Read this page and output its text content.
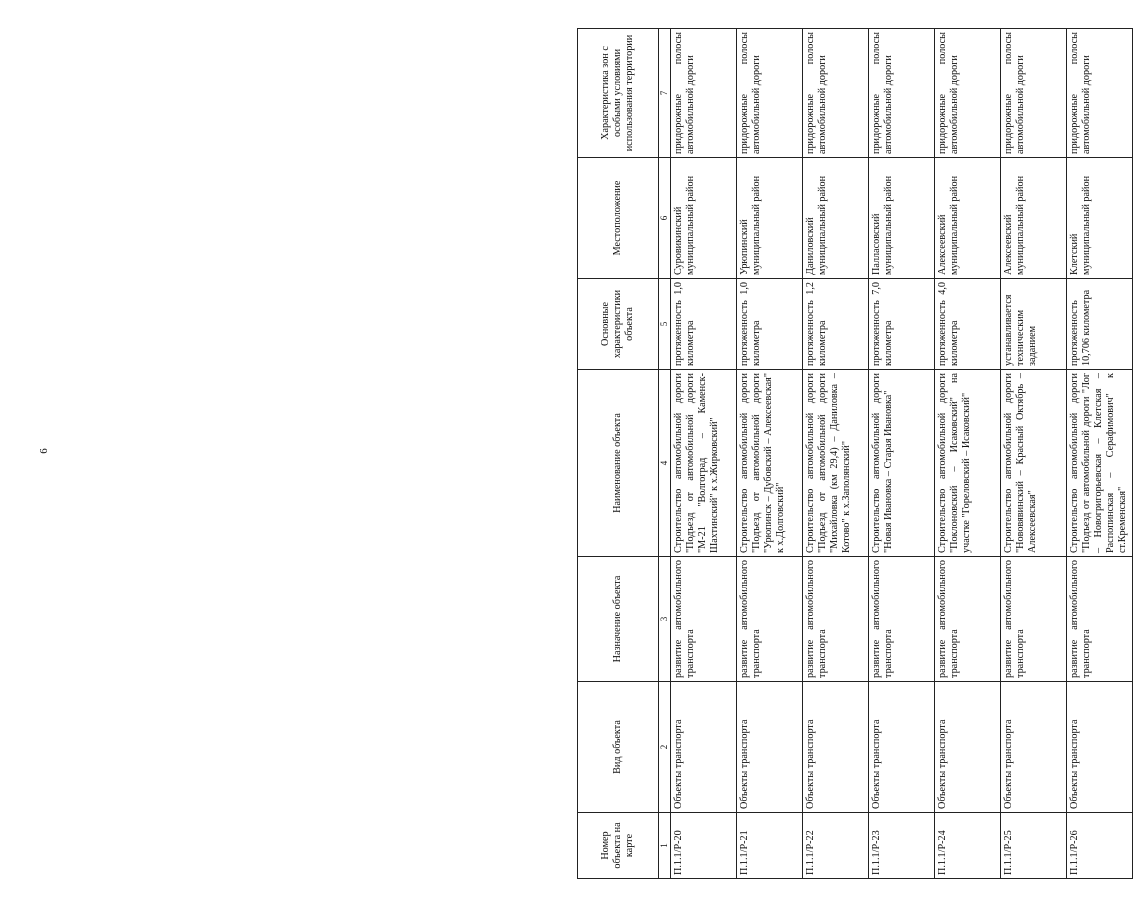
6
Номер объекта на карте	Вид объекта	Назначение объекта	Наименование объекта	Основные характеристики объекта	Местоположение	Характеристика зон с особыми условиями использования территории
1	2	3	4	5	6	7
П.1.1/Р-20	Объекты транспорта	развитие автомобильного транспорта	Строительство автомобильной дороги "Подъезд от автомобильной дороги "М-21 "Волгоград – Каменск-Шахтинский" к х.Жирковский"	протяженность 1,0 километра	Суровикинский муниципальный район	придорожные полосы автомобильной дороги
П.1.1/Р-21	Объекты транспорта	развитие автомобильного транспорта	Строительство автомобильной дороги "Подъезд от автомобильной дороги "Урюпинск – Дубовский – Алексеевская" к х.Долговский"	протяженность 1,0 километра	Урюпинский муниципальный район	придорожные полосы автомобильной дороги
П.1.1/Р-22	Объекты транспорта	развитие автомобильного транспорта	Строительство автомобильной дороги "Подъезд от автомобильной дороги "Михайловка (км 29,4) – Даниловка – Котово" к х.Заполянский"	протяженность 1,2 километра	Даниловский муниципальный район	придорожные полосы автомобильной дороги
П.1.1/Р-23	Объекты транспорта	развитие автомобильного транспорта	Строительство автомобильной дороги "Новая Ивановка – Старая Ивановка"	протяженность 7,0 километра	Палласовский муниципальный район	придорожные полосы автомобильной дороги
П.1.1/Р-24	Объекты транспорта	развитие автомобильного транспорта	Строительство автомобильной дороги "Поклоновский – Исаковский" на участке "Гореловский – Исаковский"	протяженность 4,0 километра	Алексеевский муниципальный район	придорожные полосы автомобильной дороги
П.1.1/Р-25	Объекты транспорта	развитие автомобильного транспорта	Строительство автомобильной дороги "Нововявинский – Красный Октябрь – Алексеевская"	устанавливается техническим заданием	Алексеевский муниципальный район	придорожные полосы автомобильной дороги
П.1.1/Р-26	Объекты транспорта	развитие автомобильного транспорта	Строительство автомобильной дороги "Подъезд от автомобильной дороги "Лог – Новогригорьевская – Клетская – Распопинская – Серафимович" к ст.Кременская"	протяженность 10,706 километра	Клетский муниципальный район	придорожные полосы автомобильной дороги
